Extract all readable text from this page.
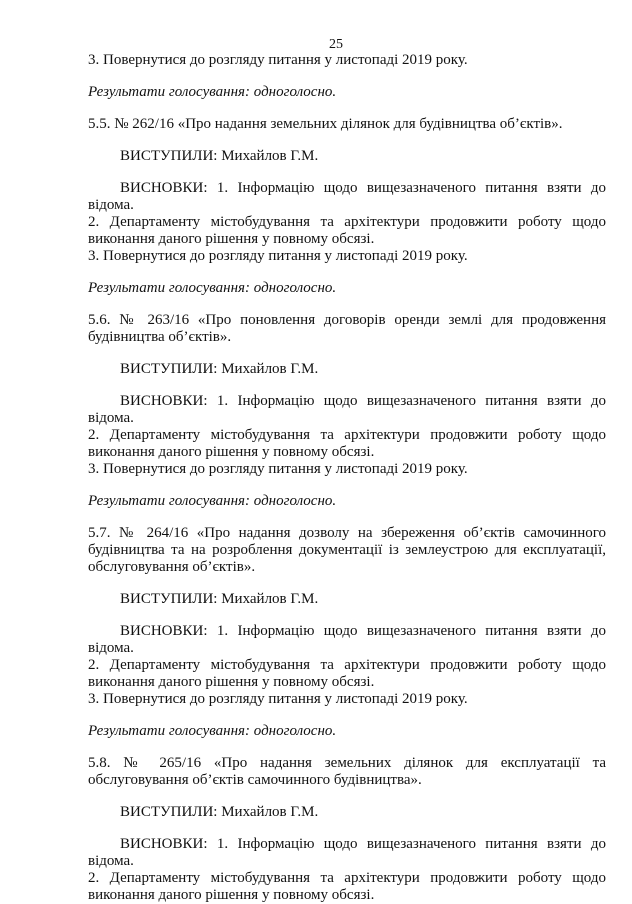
25
3. Повернутися до розгляду питання у листопаді 2019 року.
Результати голосування: одноголосно.
5.5. № 262/16 «Про надання земельних ділянок для будівництва об’єктів».
ВИСТУПИЛИ: Михайлов Г.М.
ВИСНОВКИ: 1. Інформацію щодо вищезазначеного питання взяти до
відома.
2. Департаменту містобудування та архітектури продовжити роботу щодо
виконання даного рішення у повному обсязі.
3. Повернутися до розгляду питання у листопаді 2019 року.
Результати голосування: одноголосно.
5.6. № 263/16 «Про поновлення договорів оренди землі для продовження
будівництва об’єктів».
ВИСТУПИЛИ: Михайлов Г.М.
ВИСНОВКИ: 1. Інформацію щодо вищезазначеного питання взяти до
відома.
2. Департаменту містобудування та архітектури продовжити роботу щодо
виконання даного рішення у повному обсязі.
3. Повернутися до розгляду питання у листопаді 2019 року.
Результати голосування: одноголосно.
5.7. № 264/16 «Про надання дозволу на збереження об’єктів самочинного
будівництва та на розроблення документації із землеустрою для експлуатації,
обслуговування об’єктів».
ВИСТУПИЛИ: Михайлов Г.М.
ВИСНОВКИ: 1. Інформацію щодо вищезазначеного питання взяти до
відома.
2. Департаменту містобудування та архітектури продовжити роботу щодо
виконання даного рішення у повному обсязі.
3. Повернутися до розгляду питання у листопаді 2019 року.
Результати голосування: одноголосно.
5.8. № 265/16 «Про надання земельних ділянок для експлуатації та
обслуговування об’єктів самочинного будівництва».
ВИСТУПИЛИ: Михайлов Г.М.
ВИСНОВКИ: 1. Інформацію щодо вищезазначеного питання взяти до
відома.
2. Департаменту містобудування та архітектури продовжити роботу щодо
виконання даного рішення у повному обсязі.
